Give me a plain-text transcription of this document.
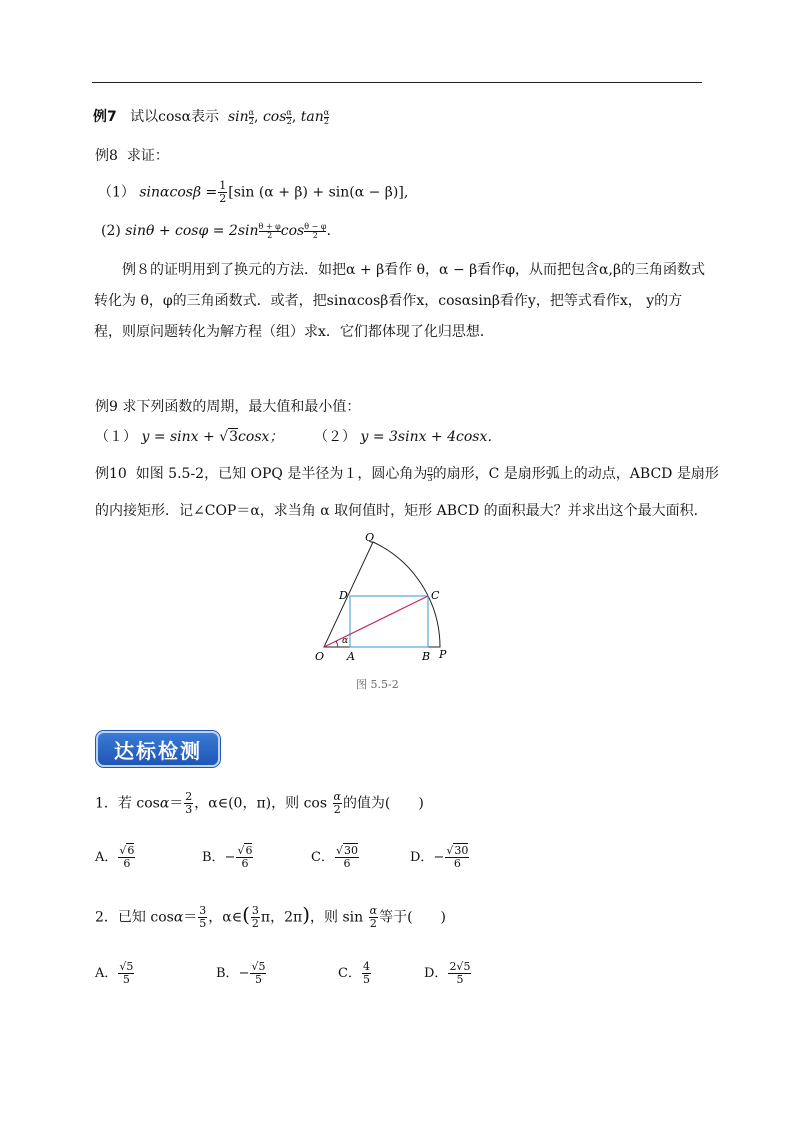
例7 试以cosα表示 $\sin \frac{\alpha}{2}$ , $\cos \frac{\alpha}{2}$ , $\tan \frac{\alpha}{2}$
例8 求证：
（1） $\sin\alpha\cos\beta = \frac{1}{2} [\sin$ (α + β) + sin(α − β)],
(2) $\sin\theta + \cos\varphi = 2\sin \frac{\theta + \varphi}{2}$ $\cos \frac{\theta - \varphi}{2}$ .
例８的证明用到了换元的方法．如把α + β看作 θ，α − β看作φ，从而把包含α,β的三角函数式转化为 θ，φ的三角函数式．或者，把sinαcosβ看作x，cosαsinβ看作y，把等式看作x， y的方程，则原问题转化为解方程（组）求x．它们都体现了化归思想．
例9 求下列函数的周期，最大值和最小值：
（１） y = sinx + √3cosx； （２） y = 3sinx + 4cosx．
例10 如图 5.5-2，已知 OPQ 是半径为１，圆心角为 $\frac{\pi}{3}$ 的扇形，C 是扇形弧上的动点，ABCD 是扇形
的内接矩形．记∠COP＝α，求当角 α 取何值时，矩形 ABCD 的面积最大？并求出这个最大面积．
Q
D	C
O A	B P
α
图 5.5-2
达标检测
1．若 $\cos\alpha= \frac{2}{3}$ ，α∈(0，π)，则 $\cos \frac{\alpha}{2}$ 的值为(　　)
A． $\frac{√6}{6}$	B．− $\frac{√6}{6}$	C． $\frac{√30}{6}$	D．− $\frac{√30}{6}$
2．已知 $\cos\alpha= \frac{3}{5}$ ，α∈( $\frac{3}{2}$ π，2π)，则 $\sin \frac{\alpha}{2}$ 等于(　　)
A． $\frac{√5}{5}$	B．− $\frac{√5}{5}$	C． $\frac{4}{5}$	D． $\frac{2√5}{5}$
